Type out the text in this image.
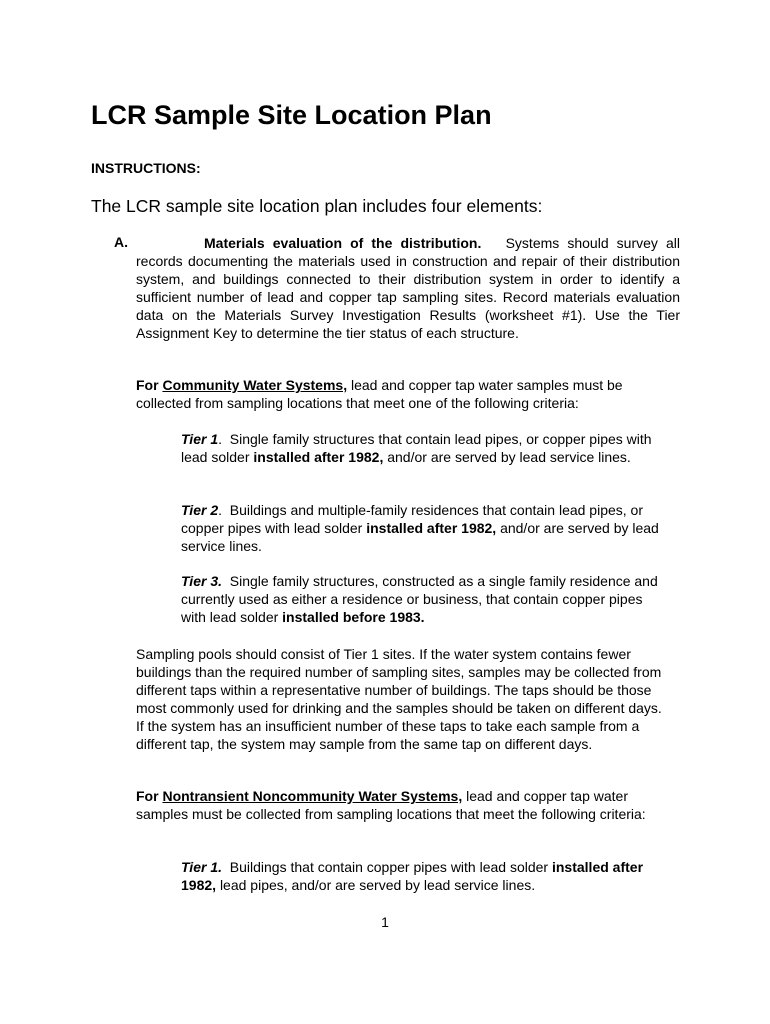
LCR Sample Site Location Plan
INSTRUCTIONS:
The LCR sample site location plan includes four elements:
A.	Materials evaluation of the distribution. Systems should survey all records documenting the materials used in construction and repair of their distribution system, and buildings connected to their distribution system in order to identify a sufficient number of lead and copper tap sampling sites. Record materials evaluation data on the Materials Survey Investigation Results (worksheet #1). Use the Tier Assignment Key to determine the tier status of each structure.
For Community Water Systems, lead and copper tap water samples must be collected from sampling locations that meet one of the following criteria:
Tier 1. Single family structures that contain lead pipes, or copper pipes with lead solder installed after 1982, and/or are served by lead service lines.
Tier 2. Buildings and multiple-family residences that contain lead pipes, or copper pipes with lead solder installed after 1982, and/or are served by lead service lines.
Tier 3. Single family structures, constructed as a single family residence and currently used as either a residence or business, that contain copper pipes with lead solder installed before 1983.
Sampling pools should consist of Tier 1 sites. If the water system contains fewer buildings than the required number of sampling sites, samples may be collected from different taps within a representative number of buildings. The taps should be those most commonly used for drinking and the samples should be taken on different days. If the system has an insufficient number of these taps to take each sample from a different tap, the system may sample from the same tap on different days.
For Nontransient Noncommunity Water Systems, lead and copper tap water samples must be collected from sampling locations that meet the following criteria:
Tier 1. Buildings that contain copper pipes with lead solder installed after 1982, lead pipes, and/or are served by lead service lines.
1
